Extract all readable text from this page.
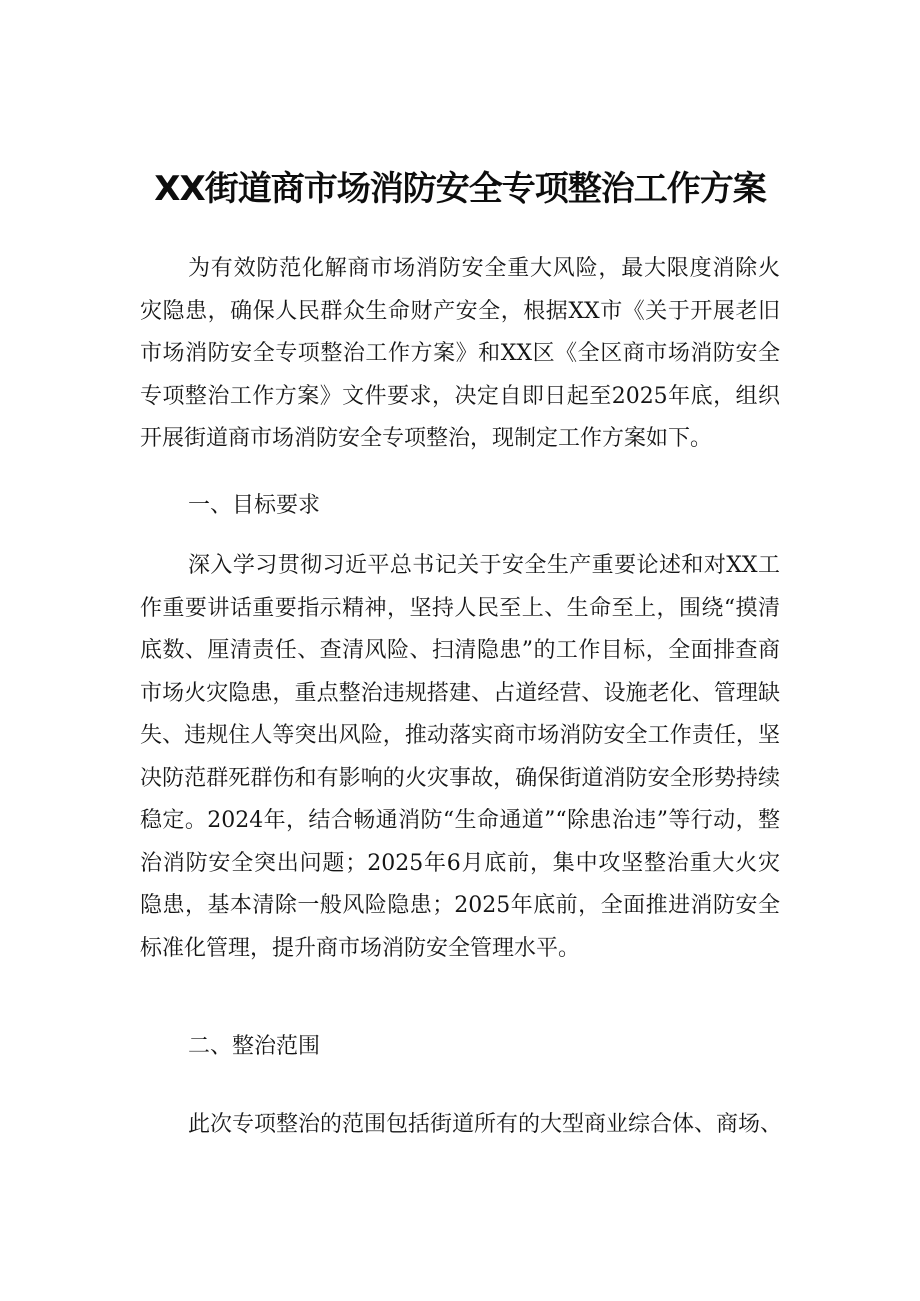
XX街道商市场消防安全专项整治工作方案

为有效防范化解商市场消防安全重大风险，最大限度消除火灾隐患，确保人民群众生命财产安全，根据XX市《关于开展老旧市场消防安全专项整治工作方案》和XX区《全区商市场消防安全专项整治工作方案》文件要求，决定自即日起至2025年底，组织开展街道商市场消防安全专项整治，现制定工作方案如下。

一、目标要求

深入学习贯彻习近平总书记关于安全生产重要论述和对XX工作重要讲话重要指示精神，坚持人民至上、生命至上，围绕“摸清底数、厘清责任、查清风险、扫清隐患”的工作目标，全面排查商市场火灾隐患，重点整治违规搭建、占道经营、设施老化、管理缺失、违规住人等突出风险，推动落实商市场消防安全工作责任，坚决防范群死群伤和有影响的火灾事故，确保街道消防安全形势持续稳定。2024年，结合畅通消防“生命通道”“除患治违”等行动，整治消防安全突出问题；2025年6月底前，集中攻坚整治重大火灾隐患，基本清除一般风险隐患；2025年底前，全面推进消防安全标准化管理，提升商市场消防安全管理水平。

二、整治范围

此次专项整治的范围包括街道所有的大型商业综合体、商场、
